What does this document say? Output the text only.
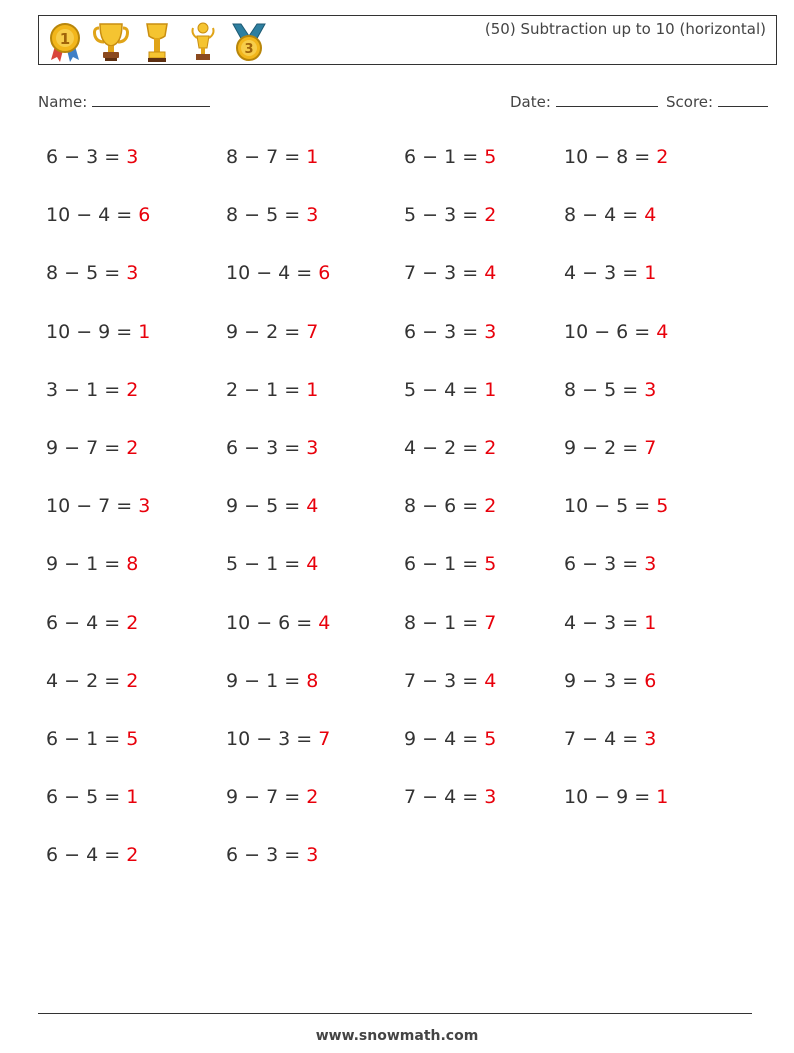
1
3
(50) Subtraction up to 10 (horizontal)
Name:	Date:	Score:
6 − 3 = 3	8 − 7 = 1	6 − 1 = 5	10 − 8 = 2
10 − 4 = 6	8 − 5 = 3	5 − 3 = 2	8 − 4 = 4
8 − 5 = 3	10 − 4 = 6	7 − 3 = 4	4 − 3 = 1
10 − 9 = 1	9 − 2 = 7	6 − 3 = 3	10 − 6 = 4
3 − 1 = 2	2 − 1 = 1	5 − 4 = 1	8 − 5 = 3
9 − 7 = 2	6 − 3 = 3	4 − 2 = 2	9 − 2 = 7
10 − 7 = 3	9 − 5 = 4	8 − 6 = 2	10 − 5 = 5
9 − 1 = 8	5 − 1 = 4	6 − 1 = 5	6 − 3 = 3
6 − 4 = 2	10 − 6 = 4	8 − 1 = 7	4 − 3 = 1
4 − 2 = 2	9 − 1 = 8	7 − 3 = 4	9 − 3 = 6
6 − 1 = 5	10 − 3 = 7	9 − 4 = 5	7 − 4 = 3
6 − 5 = 1	9 − 7 = 2	7 − 4 = 3	10 − 9 = 1
6 − 4 = 2	6 − 3 = 3
www.snowmath.com
